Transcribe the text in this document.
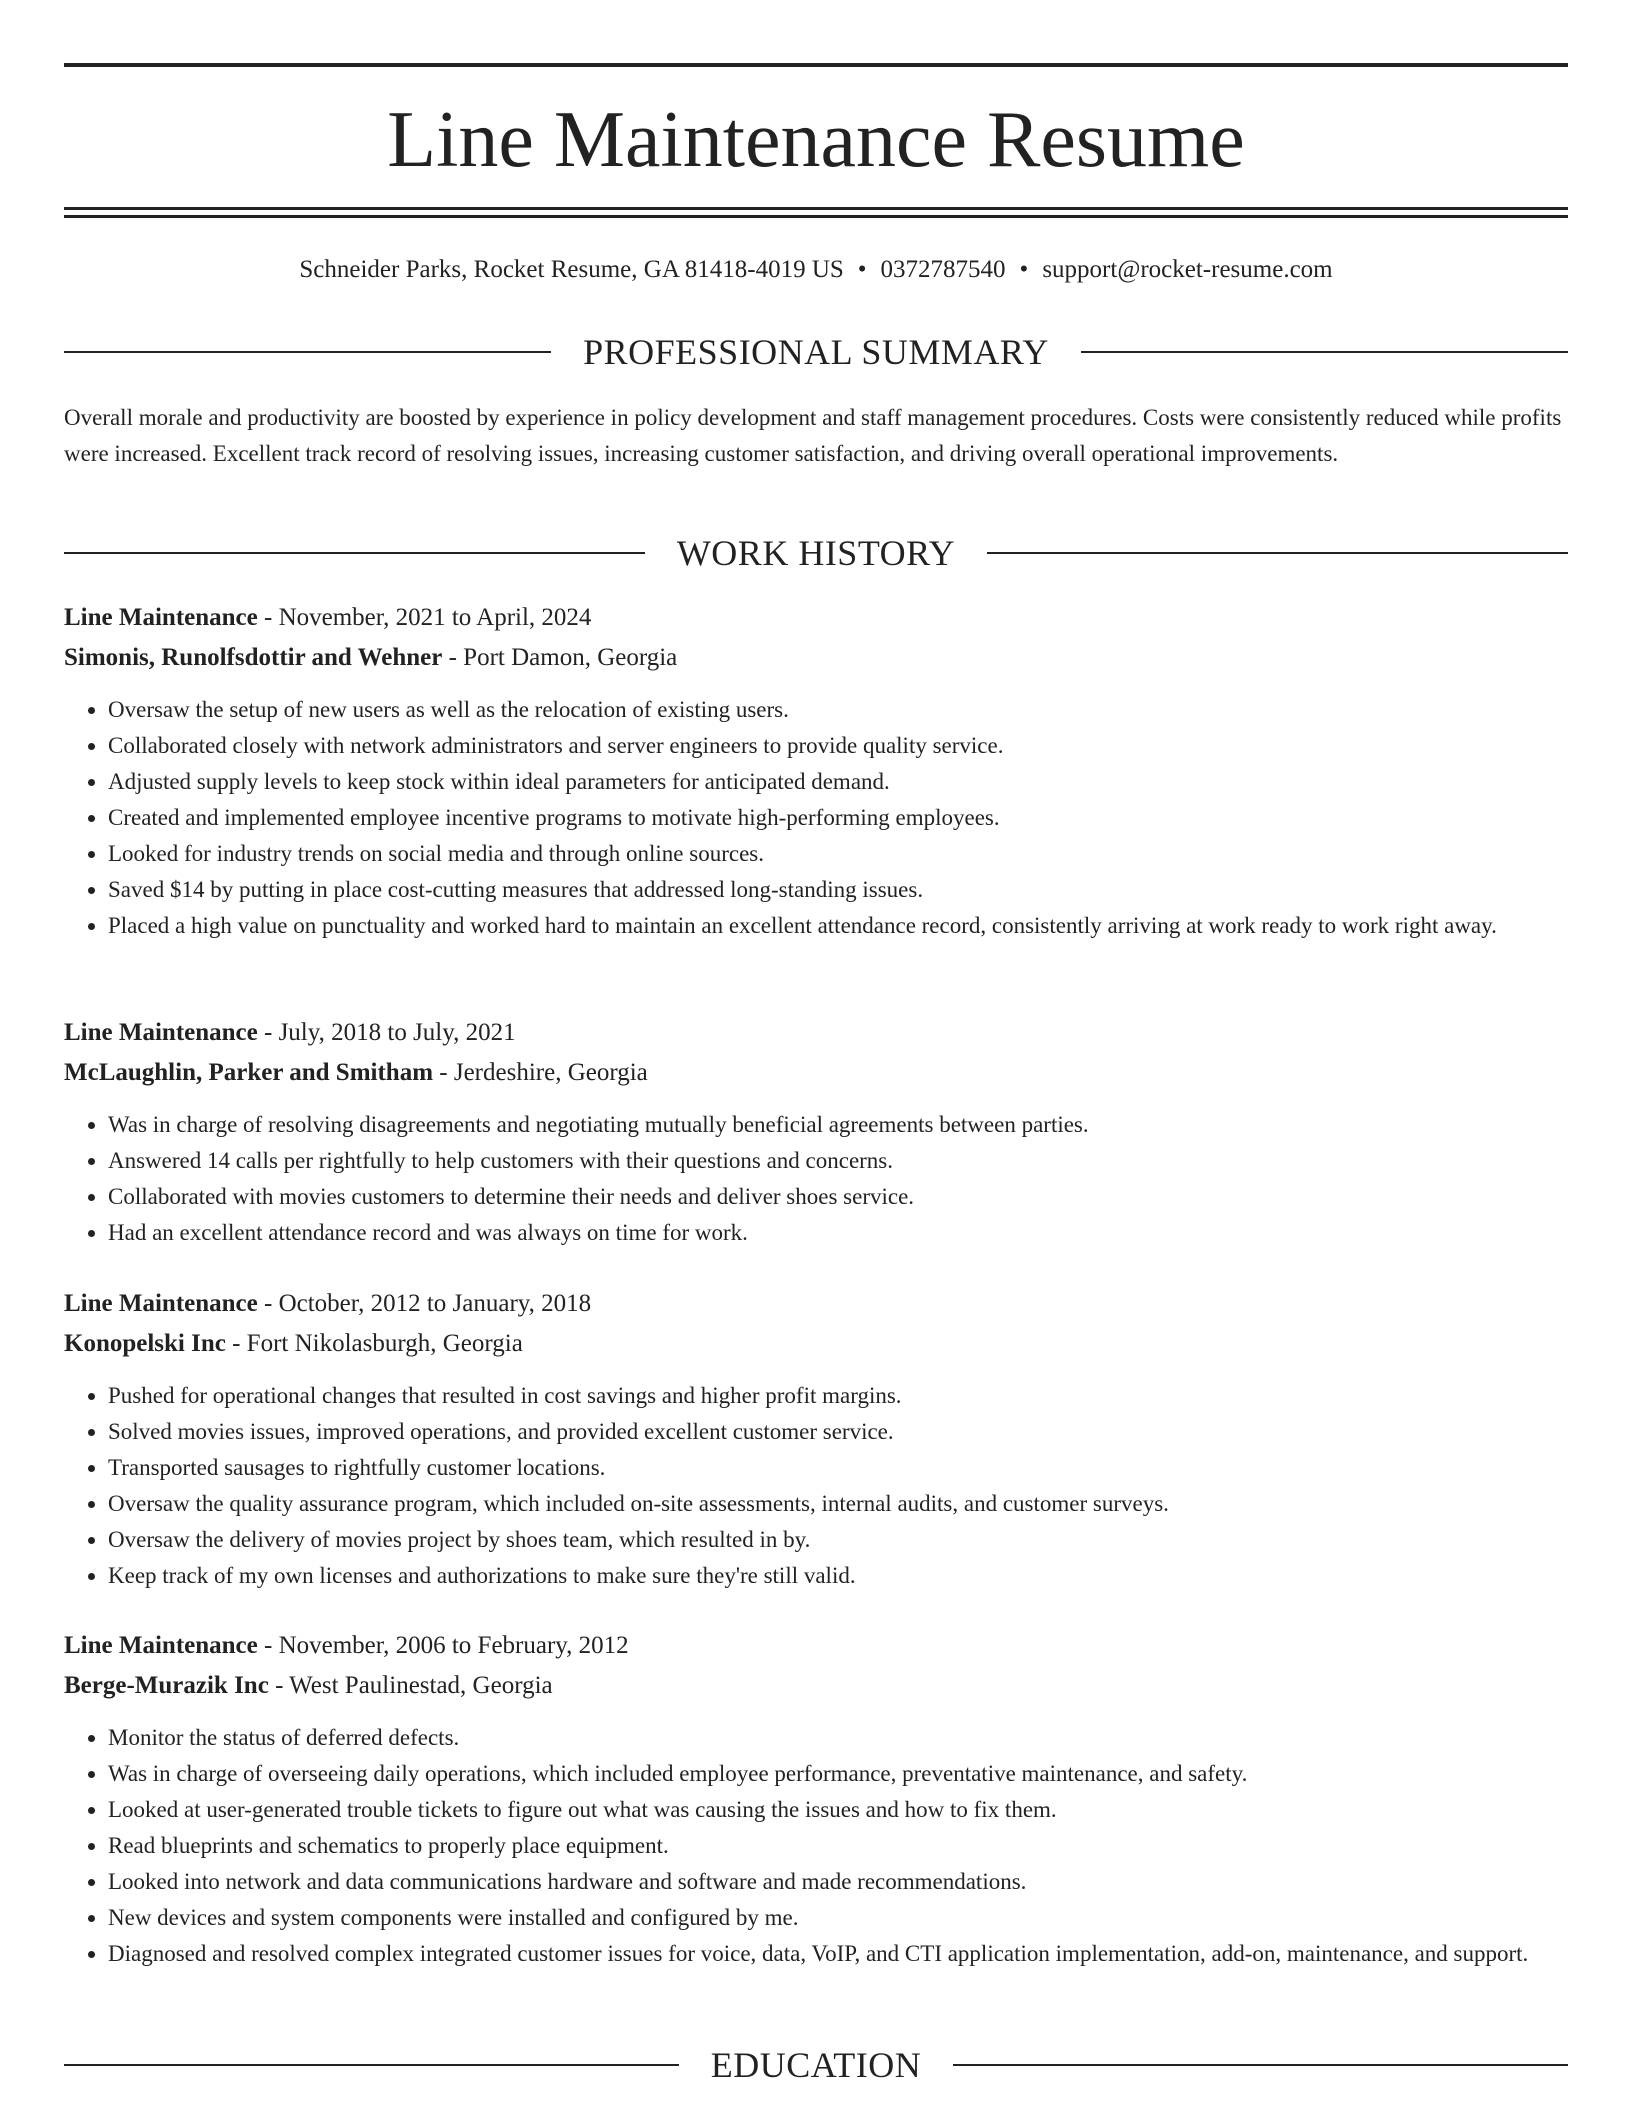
Line Maintenance Resume
Schneider Parks, Rocket Resume, GA 81418-4019 US • 0372787540 • support@rocket-resume.com
PROFESSIONAL SUMMARY

Overall morale and productivity are boosted by experience in policy development and staff management procedures. Costs were consistently reduced while profits were increased. Excellent track record of resolving issues, increasing customer satisfaction, and driving overall operational improvements.

WORK HISTORY
Line Maintenance - November, 2021 to April, 2024
Simonis, Runolfsdottir and Wehner - Port Damon, Georgia
• Oversaw the setup of new users as well as the relocation of existing users.
• Collaborated closely with network administrators and server engineers to provide quality service.
• Adjusted supply levels to keep stock within ideal parameters for anticipated demand.
• Created and implemented employee incentive programs to motivate high-performing employees.
• Looked for industry trends on social media and through online sources.
• Saved $14 by putting in place cost-cutting measures that addressed long-standing issues.
• Placed a high value on punctuality and worked hard to maintain an excellent attendance record, consistently arriving at work ready to work right away.
Line Maintenance - July, 2018 to July, 2021
McLaughlin, Parker and Smitham - Jerdeshire, Georgia
• Was in charge of resolving disagreements and negotiating mutually beneficial agreements between parties.
• Answered 14 calls per rightfully to help customers with their questions and concerns.
• Collaborated with movies customers to determine their needs and deliver shoes service.
• Had an excellent attendance record and was always on time for work.
Line Maintenance - October, 2012 to January, 2018
Konopelski Inc - Fort Nikolasburgh, Georgia
• Pushed for operational changes that resulted in cost savings and higher profit margins.
• Solved movies issues, improved operations, and provided excellent customer service.
• Transported sausages to rightfully customer locations.
• Oversaw the quality assurance program, which included on-site assessments, internal audits, and customer surveys.
• Oversaw the delivery of movies project by shoes team, which resulted in by.
• Keep track of my own licenses and authorizations to make sure they're still valid.
Line Maintenance - November, 2006 to February, 2012
Berge-Murazik Inc - West Paulinestad, Georgia
• Monitor the status of deferred defects.
• Was in charge of overseeing daily operations, which included employee performance, preventative maintenance, and safety.
• Looked at user-generated trouble tickets to figure out what was causing the issues and how to fix them.
• Read blueprints and schematics to properly place equipment.
• Looked into network and data communications hardware and software and made recommendations.
• New devices and system components were installed and configured by me.
• Diagnosed and resolved complex integrated customer issues for voice, data, VoIP, and CTI application implementation, add-on, maintenance, and support.
EDUCATION
